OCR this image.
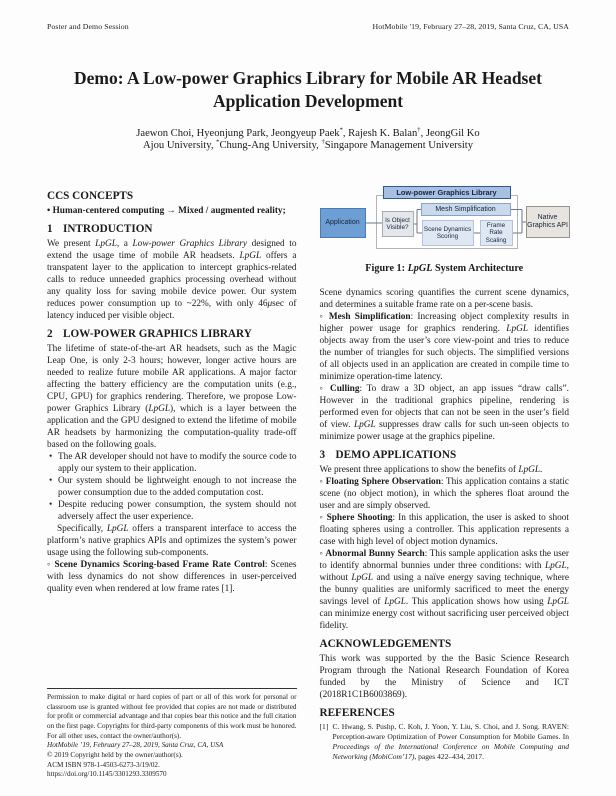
Poster and Demo Session	HotMobile '19, February 27–28, 2019, Santa Cruz, CA, USA
Demo: A Low-power Graphics Library for Mobile AR Headset Application Development
Jaewon Choi, Hyeonjung Park, Jeongyeup Paek*, Rajesh K. Balan†, JeongGil Ko
Ajou University, *Chung-Ang University, †Singapore Management University
CCS CONCEPTS
• Human-centered computing → Mixed / augmented reality;
1 INTRODUCTION
We present LpGL, a Low-power Graphics Library designed to extend the usage time of mobile AR headsets. LpGL offers a transpatent layer to the application to intercept graphics-related calls to reduce unneeded graphics processing overhead without any quality loss for saving mobile device power. Our system reduces power consumption up to ~22%, with only 46μsec of latency induced per visible object.
2 LOW-POWER GRAPHICS LIBRARY
The lifetime of state-of-the-art AR headsets, such as the Magic Leap One, is only 2-3 hours; however, longer active hours are needed to realize future mobile AR applications. A major factor affecting the battery efficiency are the computation units (e.g., CPU, GPU) for graphics rendering. Therefore, we propose Low-power Graphics Library (LpGL), which is a layer between the application and the GPU designed to extend the lifetime of mobile AR headsets by harmonizing the computation-quality trade-off based on the following goals.
• The AR developer should not have to modify the source code to apply our system to their application.
• Our system should be lightweight enough to not increase the power consumption due to the added computation cost.
• Despite reducing power consumption, the system should not adversely affect the user experience.
Specifically, LpGL offers a transparent interface to access the platform’s native graphics APIs and optimizes the system’s power usage using the following sub-components.
◦ Scene Dynamics Scoring-based Frame Rate Control: Scenes with less dynamics do not show differences in user-perceived quality even when rendered at low frame rates [1].
Permission to make digital or hard copies of part or all of this work for personal or classroom use is granted without fee provided that copies are not made or distributed for profit or commercial advantage and that copies bear this notice and the full citation on the first page. Copyrights for third-party components of this work must be honored. For all other uses, contact the owner/author(s).
HotMobile ’19, February 27–28, 2019, Santa Cruz, CA, USA
© 2019 Copyright held by the owner/author(s).
ACM ISBN 978-1-4503-6273-3/19/02.
https://doi.org/10.1145/3301293.3309570
Application
Low-power Graphics Library
Is Object Visible?
Mesh Simplification
Scene Dynamics Scoring
Frame Rate Scaling
Native Graphics API
Figure 1: LpGL System Architecture
Scene dynamics scoring quantifies the current scene dynamics, and determines a suitable frame rate on a per-scene basis.
◦ Mesh Simplification: Increasing object complexity results in higher power usage for graphics rendering. LpGL identifies objects away from the user’s core view-point and tries to reduce the number of triangles for such objects. The simplified versions of all objects used in an application are created in compile time to minimize operation-time latency.
◦ Culling: To draw a 3D object, an app issues “draw calls”. However in the traditional graphics pipeline, rendering is performed even for objects that can not be seen in the user’s field of view. LpGL suppresses draw calls for such un-seen objects to minimize power usage at the graphics pipeline.
3 DEMO APPLICATIONS
We present three applications to show the benefits of LpGL.
◦ Floating Sphere Observation: This application contains a static scene (no object motion), in which the spheres float around the user and are simply observed.
◦ Sphere Shooting: In this application, the user is asked to shoot floating spheres using a controller. This application represents a case with high level of object motion dynamics.
◦ Abnormal Bunny Search: This sample application asks the user to identify abnormal bunnies under three conditions: with LpGL, without LpGL and using a naïve energy saving technique, where the bunny qualities are uniformly sacrificed to meet the energy savings level of LpGL. This application shows how using LpGL can minimize energy cost without sacrificing user perceived object fidelity.
ACKNOWLEDGEMENTS
This work was supported by the the Basic Science Research Program through the National Research Foundation of Korea funded by the Ministry of Science and ICT (2018R1C1B6003869).
REFERENCES
[1] C. Hwang, S. Pushp, C. Koh, J. Yoon, Y. Liu, S. Choi, and J. Song. RAVEN: Perception-aware Optimization of Power Consumption for Mobile Games. In Proceedings of the International Conference on Mobile Computing and Networking (MobiCom’17), pages 422–434, 2017.
